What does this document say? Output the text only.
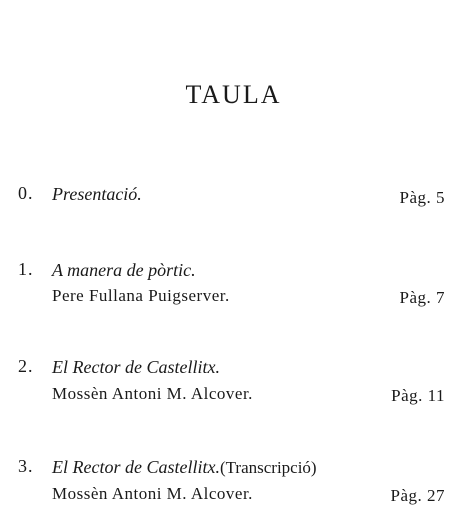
TAULA
0. Presentació.	Pàg. 5
1. A manera de pòrtic.
Pere Fullana Puigserver.	Pàg. 7
2. El Rector de Castellitx.
Mossèn Antoni M. Alcover.	Pàg. 11
3. El Rector de Castellitx.(Transcripció)
Mossèn Antoni M. Alcover.	Pàg. 27
